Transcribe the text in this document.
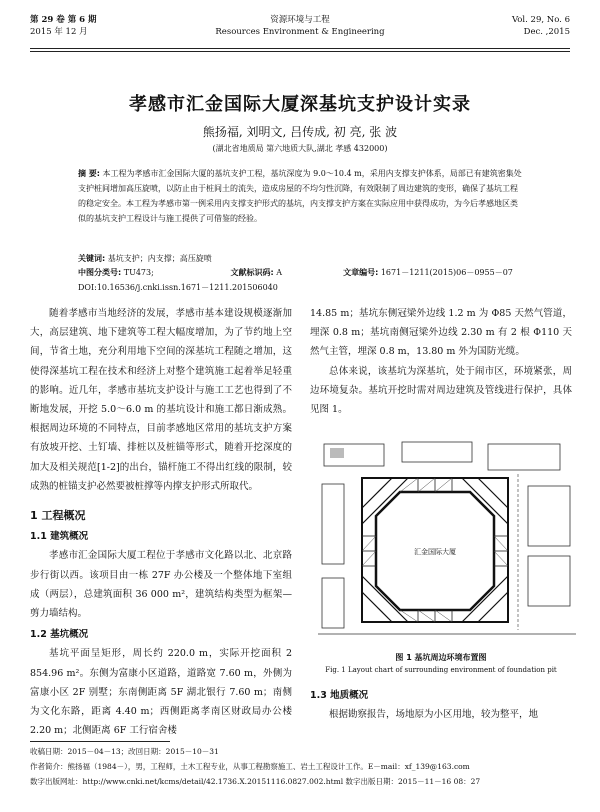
第 29 卷 第 6 期
2015 年 12 月
资源环境与工程
Resources Environment & Engineering
Vol. 29, No. 6
Dec. ,2015
孝感市汇金国际大厦深基坑支护设计实录
熊扬福, 刘明文, 吕传成, 初 亮, 张 波
(湖北省地质局 第六地质大队,湖北 孝感 432000)
摘 要: 本工程为孝感市汇金国际大厦的基坑支护工程，基坑深度为 9.0～10.4 m，采用内支撑支护体系，局部已有建筑密集处支护桩间增加高压旋喷，以防止由于桩间土的流失，造成房屋的不均匀性沉降，有效限制了周边建筑的变形，确保了基坑工程的稳定安全。本工程为孝感市第一例采用内支撑支护形式的基坑，内支撑支护方案在实际应用中获得成功，为今后孝感地区类似的基坑支护工程设计与施工提供了可借鉴的经验。
关键词: 基坑支护；内支撑；高压旋喷
中图分类号: TU473;	文献标识码: A	文章编号: 1671－1211(2015)06－0955－07
DOI:10.16536/j.cnki.issn.1671－1211.201506040

随着孝感市当地经济的发展，孝感市基本建设规模逐渐加大，高层建筑、地下建筑等工程大幅度增加，为了节约地上空间，节省土地，充分利用地下空间的深基坑工程随之增加，这使得深基坑工程在技术和经济上对整个建筑施工起着举足轻重的影响。近几年，孝感市基坑支护设计与施工工艺也得到了不断地发展，开挖 5.0～6.0 m 的基坑设计和施工都日渐成熟。根据周边环境的不同特点，目前孝感地区常用的基坑支护方案有放坡开挖、土钉墙、排桩以及桩锚等形式，随着开挖深度的加大及相关规范[1-2]的出台，锚杆施工不得出红线的限制，较成熟的桩锚支护必然要被桩撑等内撑支护形式所取代。

1 工程概况
1.1 建筑概况

孝感市汇金国际大厦工程位于孝感市文化路以北、北京路步行街以西。该项目由一栋 27F 办公楼及一个整体地下室组成（两层），总建筑面积 36 000 m²，建筑结构类型为框架—剪力墙结构。

1.2 基坑概况

基坑平面呈矩形，周长约 220.0 m，实际开挖面积 2 854.96 m²。东侧为富康小区道路，道路宽 7.60 m，外侧为富康小区 2F 别墅；东南侧距离 5F 湖北银行 7.60 m；南侧为文化东路，距离 4.40 m；西侧距离孝南区财政局办公楼 2.20 m；北侧距离 6F 工行宿舍楼

14.85 m；基坑东侧冠梁外边线 1.2 m 为 Φ85 天然气管道，埋深 0.8 m；基坑南侧冠梁外边线 2.30 m 有 2 根 Φ110 天然气主管，埋深 0.8 m，13.80 m 外为国防光缆。

总体来说，该基坑为深基坑，处于闹市区，环境紧张，周边环境复杂。基坑开挖时需对周边建筑及管线进行保护，具体见图 1。

汇金国际大厦
图 1 基坑周边环境布置图
Fig. 1 Layout chart of surrounding environment of foundation pit
1.3 地质概况

根据勘察报告，场地原为小区用地，较为整平，地

收稿日期：2015－04－13；改回日期：2015－10－31
作者简介：熊扬福（1984－），男，工程师，土木工程专业，从事工程勘察施工、岩土工程设计工作。E－mail：xf_139@163.com
数字出版网址：http://www.cnki.net/kcms/detail/42.1736.X.20151116.0827.002.html 数字出版日期：2015－11－16 08：27
